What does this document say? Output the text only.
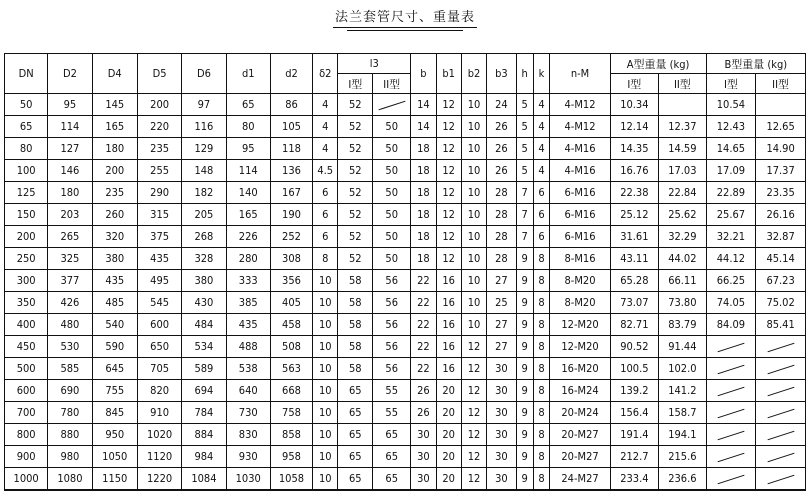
法兰套管尺寸、重量表
DN	D2	D4	D5	D6	d1	d2	δ2	l3		b	b1	b2	b3	h	k	n-M	A型重量 (kg)		B型重量 (kg)	
								I型	II型								I型	II型	I型	II型
50	95	145	200	97	65	86	4	52		14	12	10	24	5	4	4-M12	10.34		10.54	
65	114	165	220	116	80	105	4	52	50	14	12	10	26	5	4	4-M12	12.14	12.37	12.43	12.65
80	127	180	235	129	95	118	4	52	50	18	12	10	26	5	4	4-M16	14.35	14.59	14.65	14.90
100	146	200	255	148	114	136	4.5	52	50	18	12	10	26	5	4	4-M16	16.76	17.03	17.09	17.37
125	180	235	290	182	140	167	6	52	50	18	12	10	28	7	6	6-M16	22.38	22.84	22.89	23.35
150	203	260	315	205	165	190	6	52	50	18	12	10	28	7	6	6-M16	25.12	25.62	25.67	26.16
200	265	320	375	268	226	252	6	52	50	18	12	10	28	7	6	6-M16	31.61	32.29	32.21	32.87
250	325	380	435	328	280	308	8	52	50	18	12	10	28	9	8	8-M16	43.11	44.02	44.12	45.14
300	377	435	495	380	333	356	10	58	56	22	16	10	27	9	8	8-M20	65.28	66.11	66.25	67.23
350	426	485	545	430	385	405	10	58	56	22	16	10	25	9	8	8-M20	73.07	73.80	74.05	75.02
400	480	540	600	484	435	458	10	58	56	22	16	10	27	9	8	12-M20	82.71	83.79	84.09	85.41
450	530	590	650	534	488	508	10	58	56	22	16	12	27	9	8	12-M20	90.52	91.44		
500	585	645	705	589	538	563	10	58	56	22	16	12	30	9	8	16-M20	100.5	102.0		
600	690	755	820	694	640	668	10	65	55	26	20	12	30	9	8	16-M24	139.2	141.2		
700	780	845	910	784	730	758	10	65	55	26	20	12	30	9	8	20-M24	156.4	158.7		
800	880	950	1020	884	830	858	10	65	65	30	20	12	30	9	8	20-M27	191.4	194.1		
900	980	1050	1120	984	930	958	10	65	65	30	20	12	30	9	8	20-M27	212.7	215.6		
1000	1080	1150	1220	1084	1030	1058	10	65	65	30	20	12	30	9	8	24-M27	233.4	236.6		
